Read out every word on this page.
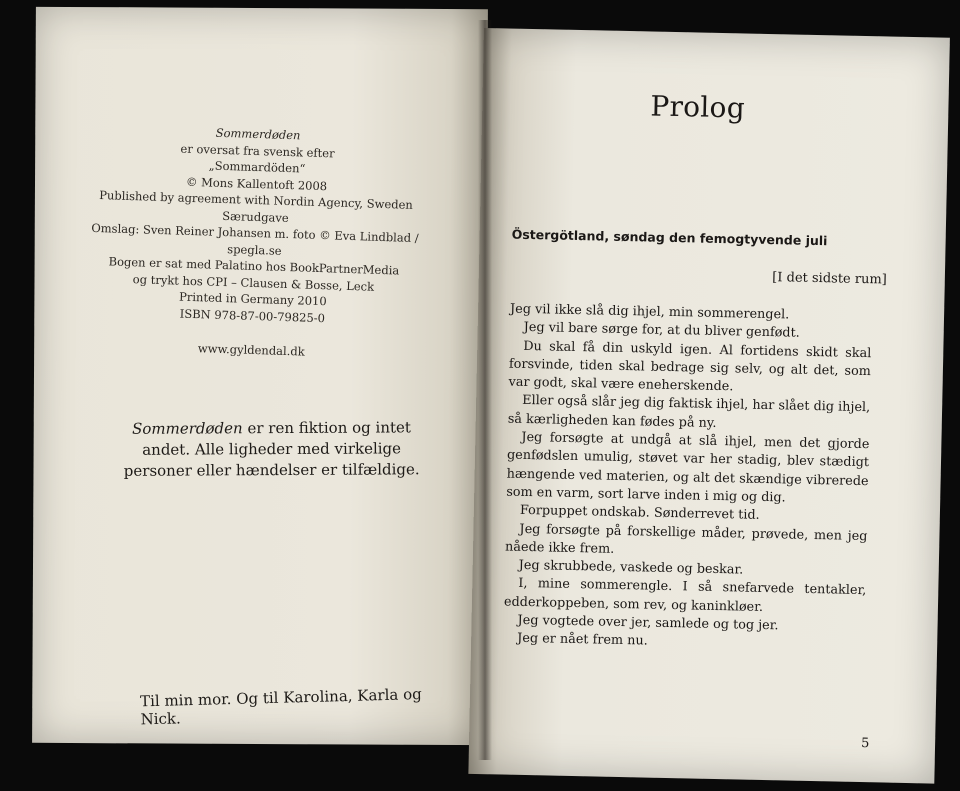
Sommerdøden
er oversat fra svensk efter
„Sommardöden“
© Mons Kallentoft 2008
Published by agreement with Nordin Agency, Sweden
Særudgave
Omslag: Sven Reiner Johansen m. foto © Eva Lindblad / spegla.se
Bogen er sat med Palatino hos BookPartnerMedia
og trykt hos CPI – Clausen & Bosse, Leck
Printed in Germany 2010
ISBN 978-87-00-79825-0
www.gyldendal.dk
Sommerdøden er ren fiktion og intet andet. Alle ligheder med virkelige personer eller hændelser er tilfældige.
Til min mor. Og til Karolina, Karla og Nick.
Prolog
Östergötland, søndag den femogtyvende juli
[I det sidste rum]

Jeg vil ikke slå dig ihjel, min sommerengel.

Jeg vil bare sørge for, at du bliver genfødt.

Du skal få din uskyld igen. Al fortidens skidt skal forsvinde, tiden skal bedrage sig selv, og alt det, som var godt, skal være eneherskende.

Eller også slår jeg dig faktisk ihjel, har slået dig ihjel, så kærligheden kan fødes på ny.

Jeg forsøgte at undgå at slå ihjel, men det gjorde genfødslen umulig, støvet var her stadig, blev stædigt hængende ved materien, og alt det skændige vibrerede som en varm, sort larve inden i mig og dig.

Forpuppet ondskab. Sønderrevet tid.

Jeg forsøgte på forskellige måder, prøvede, men jeg nåede ikke frem.

Jeg skrubbede, vaskede og beskar.

I, mine sommerengle. I så snefarvede tentakler, edderkoppeben, som rev, og kaninkløer.

Jeg vogtede over jer, samlede og tog jer.

Jeg er nået frem nu.

5
